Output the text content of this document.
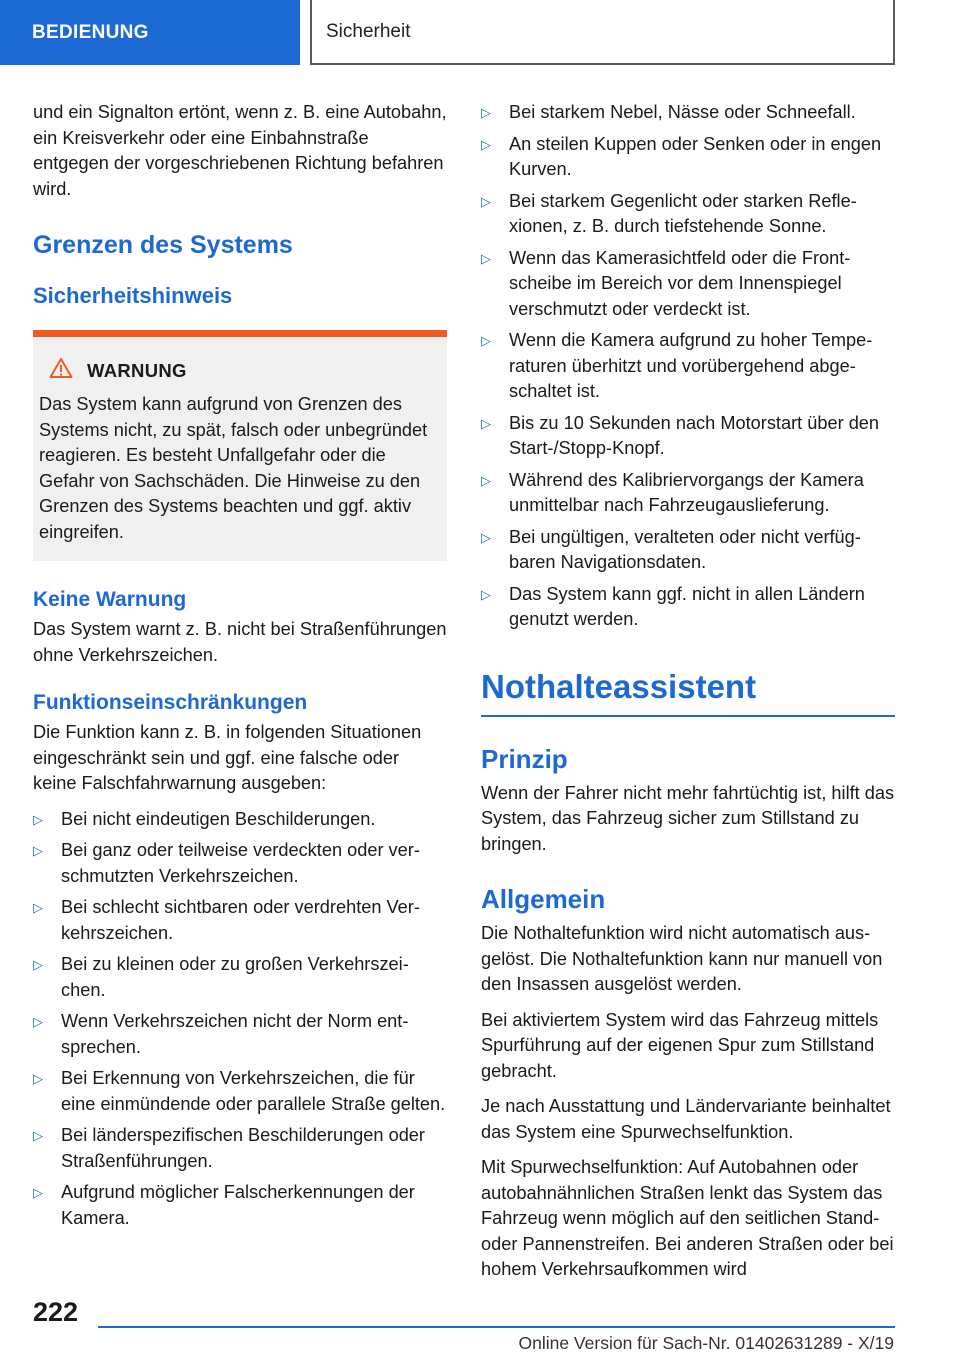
BEDIENUNG	Sicherheit

und ein Signalton ertönt, wenn z. B. eine Autobahn, ein Kreisverkehr oder eine Einbahnstraße entgegen der vorgeschriebenen Richtung befahren wird.

Grenzen des Systems
Sicherheitshinweis
WARNUNG

Das System kann aufgrund von Grenzen des Systems nicht, zu spät, falsch oder unbegründet reagieren. Es besteht Unfallgefahr oder die Gefahr von Sachschäden. Die Hinweise zu den Grenzen des Systems beachten und ggf. aktiv eingreifen.

Keine Warnung

Das System warnt z. B. nicht bei Straßenführungen ohne Verkehrszeichen.

Funktionseinschränkungen

Die Funktion kann z. B. in folgenden Situationen eingeschränkt sein und ggf. eine falsche oder keine Falschfahrwarnung ausgeben:

▷ Bei nicht eindeutigen Beschilderungen.
▷ Bei ganz oder teilweise verdeckten oder verschmutzten Verkehrszeichen.
▷ Bei schlecht sichtbaren oder verdrehten Verkehrszeichen.
▷ Bei zu kleinen oder zu großen Verkehrszeichen.
▷ Wenn Verkehrszeichen nicht der Norm entsprechen.
▷ Bei Erkennung von Verkehrszeichen, die für eine einmündende oder parallele Straße gelten.
▷ Bei länderspezifischen Beschilderungen oder Straßenführungen.
▷ Aufgrund möglicher Falscherkennungen der Kamera.
▷ Bei starkem Nebel, Nässe oder Schneefall.
▷ An steilen Kuppen oder Senken oder in engen Kurven.
▷ Bei starkem Gegenlicht oder starken Reflexionen, z. B. durch tiefstehende Sonne.
▷ Wenn das Kamerasichtfeld oder die Frontscheibe im Bereich vor dem Innenspiegel verschmutzt oder verdeckt ist.
▷ Wenn die Kamera aufgrund zu hoher Temperaturen überhitzt und vorübergehend abgeschaltet ist.
▷ Bis zu 10 Sekunden nach Motorstart über den Start-/Stopp-Knopf.
▷ Während des Kalibriervorgangs der Kamera unmittelbar nach Fahrzeugauslieferung.
▷ Bei ungültigen, veralteten oder nicht verfügbaren Navigationsdaten.
▷ Das System kann ggf. nicht in allen Ländern genutzt werden.
Nothalteassistent
Prinzip

Wenn der Fahrer nicht mehr fahrtüchtig ist, hilft das System, das Fahrzeug sicher zum Stillstand zu bringen.

Allgemein

Die Nothaltefunktion wird nicht automatisch ausgelöst. Die Nothaltefunktion kann nur manuell von den Insassen ausgelöst werden.

Bei aktiviertem System wird das Fahrzeug mittels Spurführung auf der eigenen Spur zum Stillstand gebracht.

Je nach Ausstattung und Ländervariante beinhaltet das System eine Spurwechselfunktion.

Mit Spurwechselfunktion: Auf Autobahnen oder autobahnähnlichen Straßen lenkt das System das Fahrzeug wenn möglich auf den seitlichen Stand- oder Pannenstreifen. Bei anderen Straßen oder bei hohem Verkehrsaufkommen wird

222
Online Version für Sach-Nr. 01402631289 - X/19
